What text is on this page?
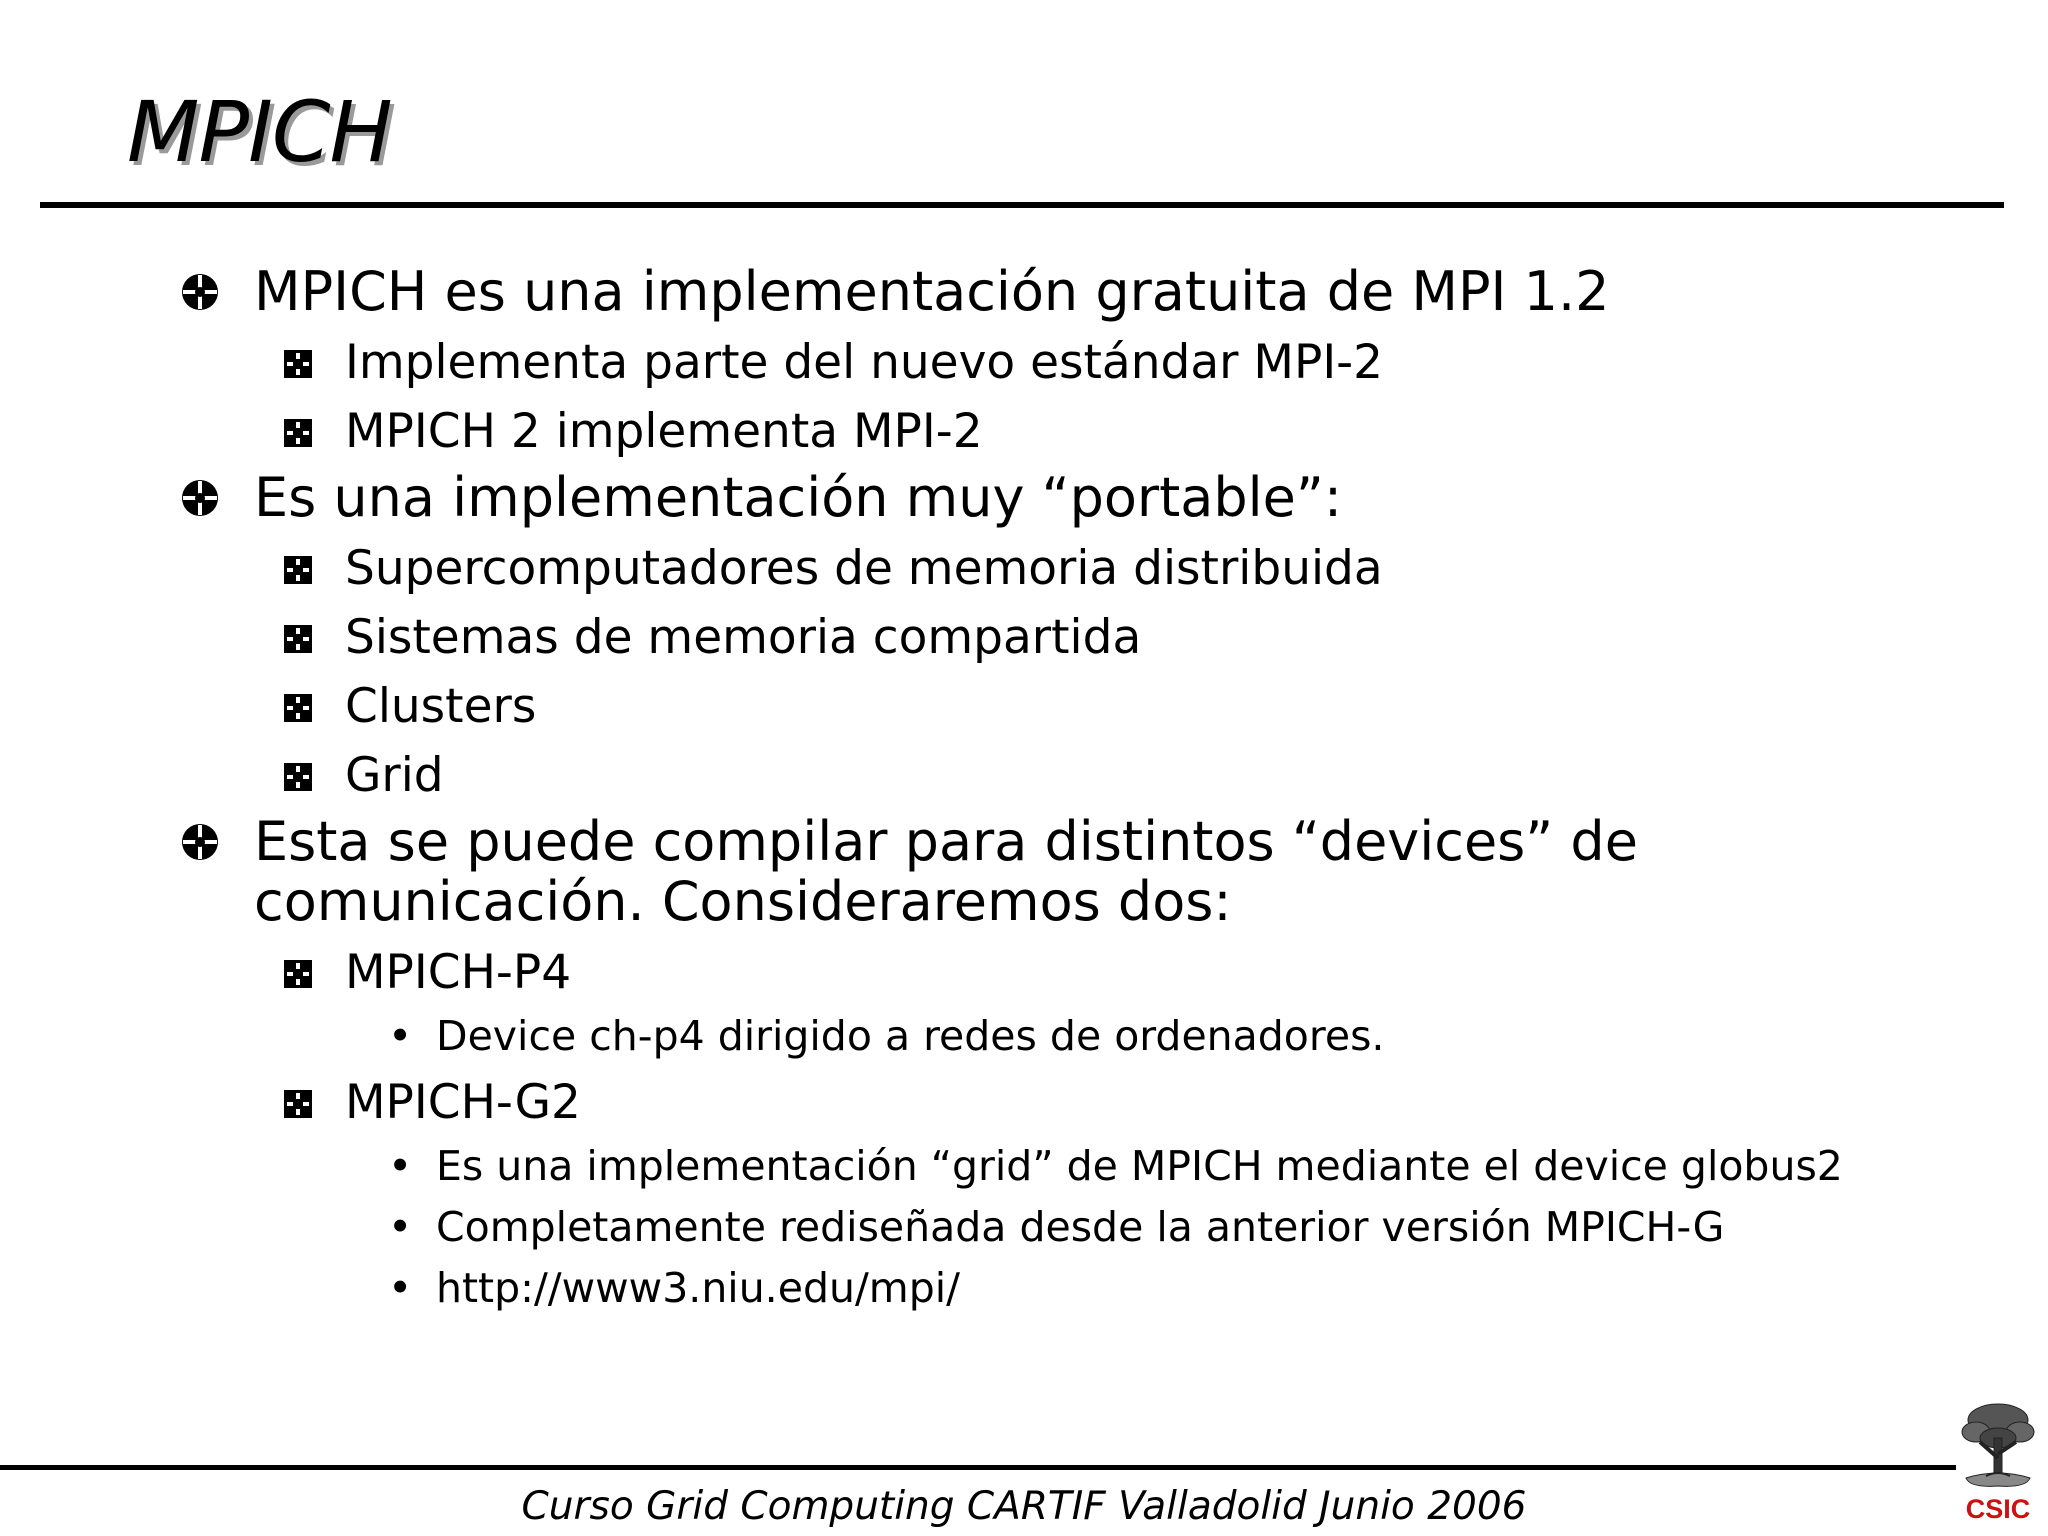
MPICH
MPICH es una implementación gratuita de MPI 1.2
Implementa parte del nuevo estándar MPI-2
MPICH 2 implementa MPI-2
Es una implementación muy “portable”:
Supercomputadores de memoria distribuida
Sistemas de memoria compartida
Clusters
Grid
Esta se puede compilar para distintos “devices” de comunicación. Consideraremos dos:
MPICH-P4
• Device ch-p4 dirigido a redes de ordenadores.
MPICH-G2
• Es una implementación “grid” de MPICH mediante el device globus2
• Completamente rediseñada desde la anterior versión MPICH-G
• http://www3.niu.edu/mpi/
Curso Grid Computing CARTIF Valladolid Junio 2006	CSIC
